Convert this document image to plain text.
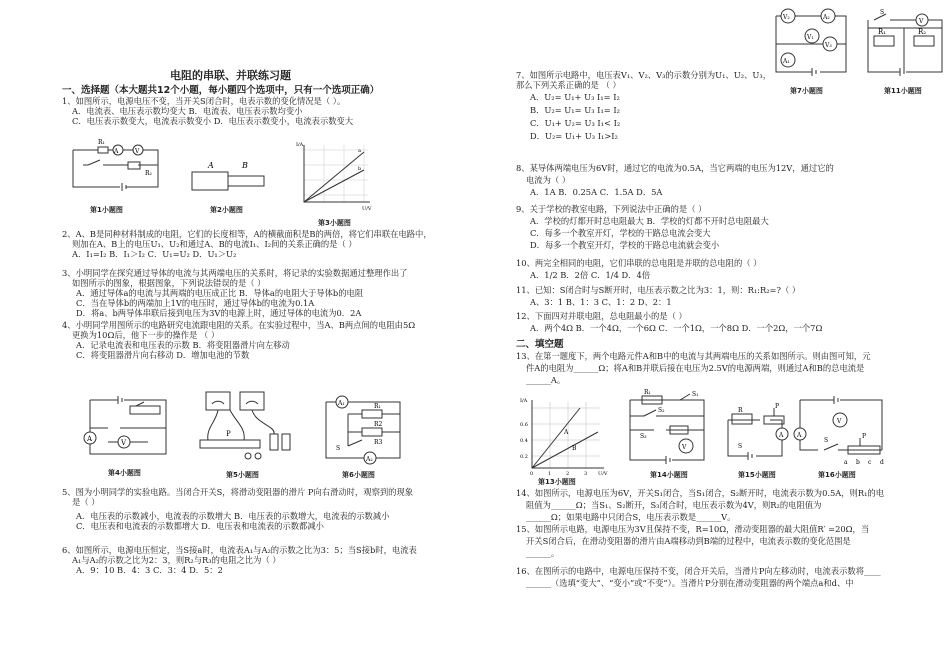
电阻的串联、并联练习题
一、选择题（本大题共12个小题，每小题四个选项中，只有一个选项正确）
1、如图所示，电源电压不变，当开关S闭合时，电表示数的变化情况是（ ）。
A．电流表、电压表示数均变大 B．电流表、电压表示数均变小
C．电压表示数变大，电流表示数变小 D．电压表示数变小，电流表示数变大
A	V
R₁
R₂
第1小题图
A	B
第2小题图
a
b
I/A
U/V
第3小题图
2、A、B是同种材料制成的电阻，它们的长度相等，A的横截面积是B的两倍，将它们串联在电路中，
则加在A、B上的电压U₁、U₂和通过A、B的电流I₁、I₂间的关系正确的是（ ）
A．I₁=I₂ B．I₁＞I₂ C．U₁=U₂ D．U₁＞U₂
3、小明同学在探究通过导体的电流与其两端电压的关系时，将记录的实验数据通过整理作出了
如图所示的图象，根据图象，下列说法错误的是（ ）
A．通过导体a的电流与其两端的电压成正比 B．导体a的电阻大于导体b的电阻
C．当在导体b的两端加上1V的电压时，通过导体b的电流为0.1A
D．将a、b两导体串联后接到电压为3V的电源上时，通过导体的电流为0．2A
4、小明同学用图所示的电路研究电流跟电阻的关系。在实验过程中，当A、B两点间的电阻由5Ω
更换为10Ω后，他下一步的操作是 （ ）
A．记录电流表和电压表的示数 B．将变阻器滑片向左移动
C．将变阻器滑片向右移动 D．增加电池的节数
A	V
第4小题图
P
第5小题图
A₁
A₂
R₁
R2
R3
S
第6小题图
5、图为小明同学的实验电路。当闭合开关S，将滑动变阻器的滑片 P向右滑动时，观察到的现象
是（ ）
A．电压表的示数减小，电流表的示数增大 B．电压表的示数增大，电流表的示数减小
C．电压表和电流表的示数都增大 D．电压表和电流表的示数都减小
6、如图所示，电源电压恒定，当S接a时，电流表A₁与A₂的示数之比为3：5；当S接b时，电流表
A₁与A₂的示数之比为2：3，则R₂与R₃的电阻之比为（ ）
A．9：10 B．4：3 C．3：4 D．5：2
V₂	A₂
V₁
V₃
A₁
第7小题图
S
V
R₁	R₂
第11小题图
7、如图所示电路中，电压表V₁、V₂、V₃的示数分别为U₁、U₂、U₃，
那么下列关系正确的是 （ ）
A．U₂= U₁+ U₃ I₁= I₂
B．U₂= U₁= U₃ I₁= I₂
C．U₁+ U₂= U₃ I₁< I₂
D．U₂= U₁+ U₃ I₁>I₂
8、某导体两端电压为6V时，通过它的电流为0.5A，当它两端的电压为12V，通过它的
电流为（ ）
A．1A B．0.25A C．1.5A D．5A
9、关于学校的教室电路，下列说法中正确的是（ ）
A．学校的灯都开时总电阻最大 B．学校的灯都不开时总电阻最大
C．每多一个教室开灯，学校的干路总电流会变大
D．每多一个教室开灯，学校的干路总电流就会变小
10、两完全相同的电阻，它们串联的总电阻是并联的总电阻的（ ）
A．1/2 B．2倍 C．1/4 D．4倍
11、已知：S闭合时与S断开时，电压表示数之比为3：1，则：R₁:R₂=?（ ）
A、3：1 B、1：3 C、1：2 D、2：1
12、下面四对并联电阻，总电阻最小的是（ ）
A．两个4Ω B．一个4Ω，一个6Ω C．一个1Ω，一个8Ω D．一个2Ω，一个7Ω
二、填空题
13、在第一题度下，两个电路元件A和B中的电流与其两端电压的关系如图所示。则由图可知，元
件A的电阻为______Ω；将A和B并联后接在电压为2.5V的电源两端，则通过A和B的总电流是
______A。
A
B
I/A
0.6
0.4
0.2
0	1	2	3 U/V
第13小题图
R₁	S₁
S₂
S₃
V
第14小题图
R
P
A
S
第15小题图
V
A
S
P
a b c d
第16小题图
14、如图所示，电源电压为6V，开关S₁闭合，当S₁闭合，S₂断开时，电流表示数为0.5A，则R₁的电
阻值为______Ω；当S₁、S₂断开，S₃闭合时，电压表示数为4V，则R₂的电阻值为
______Ω；如果电路中只闭合S，电压表示数是______V。
15、如图所示电路，电源电压为3V且保持不变，R=10Ω，滑动变阻器的最大阻值R′ =20Ω，当
开关S闭合后，在滑动变阻器的滑片由A端移动到B端的过程中，电流表示数的变化范围是
______。
16、在图所示的电路中，电源电压保持不变，闭合开关后，当滑片P向左移动时，电流表示数将____
______（选填“变大”、“变小”或“不变”）。当滑片P分别在滑动变阻器的两个端点a和d、中
